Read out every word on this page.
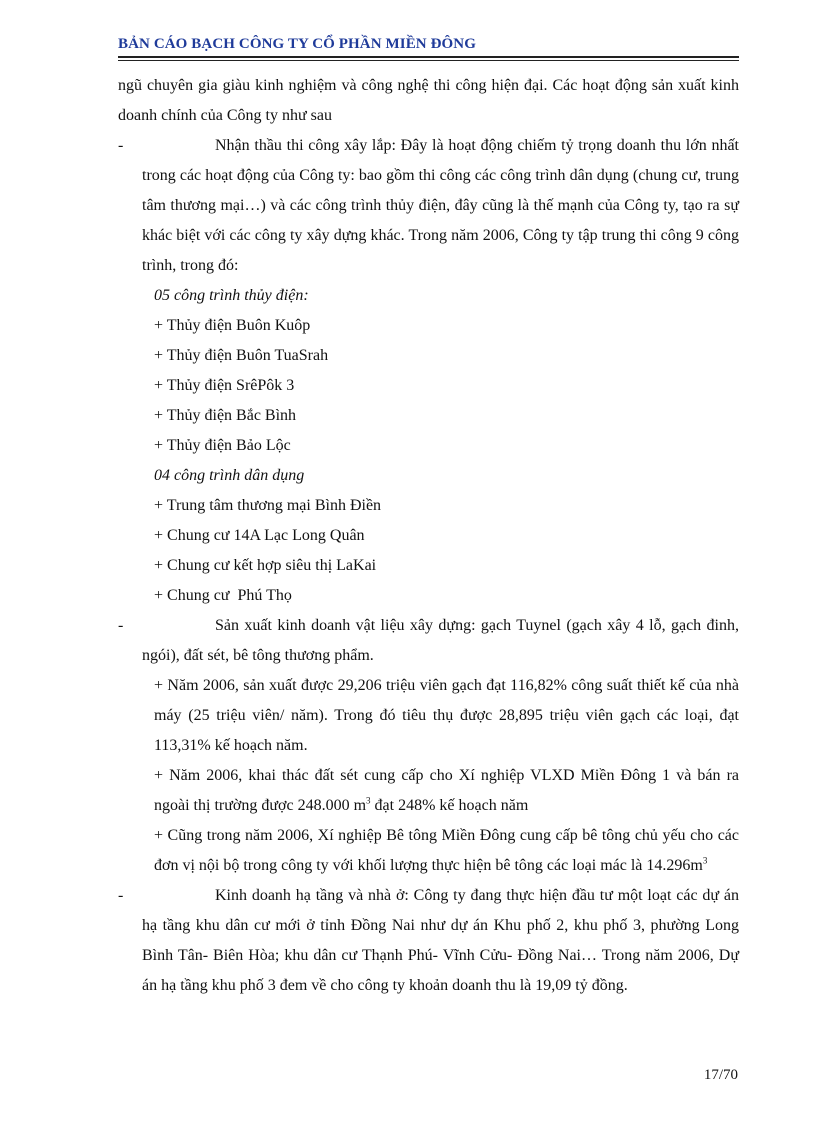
BẢN CÁO BẠCH CÔNG TY CỔ PHẦN MIỀN ĐÔNG

ngũ chuyên gia giàu kinh nghiệm và công nghệ thi công hiện đại. Các hoạt động sản xuất kinh doanh chính của Công ty như sau

-	Nhận thầu thi công xây lắp: Đây là hoạt động chiếm tỷ trọng doanh thu lớn nhất trong các hoạt động của Công ty: bao gồm thi công các công trình dân dụng (chung cư, trung tâm thương mại…) và các công trình thủy điện, đây cũng là thế mạnh của Công ty, tạo ra sự khác biệt với các công ty xây dựng khác. Trong năm 2006, Công ty tập trung thi công 9 công trình, trong đó:
05 công trình thủy điện:
+ Thủy điện Buôn Kuôp
+ Thủy điện Buôn TuaSrah
+ Thủy điện SrêPôk 3
+ Thủy điện Bắc Bình
+ Thủy điện Bảo Lộc
04 công trình dân dụng
+ Trung tâm thương mại Bình Điền
+ Chung cư 14A Lạc Long Quân
+ Chung cư kết hợp siêu thị LaKai
+ Chung cư  Phú Thọ
-	Sản xuất kinh doanh vật liệu xây dựng: gạch Tuynel (gạch xây 4 lỗ, gạch đinh, ngói), đất sét, bê tông thương phẩm.
+ Năm 2006, sản xuất được 29,206 triệu viên gạch đạt 116,82% công suất thiết kế của nhà máy (25 triệu viên/ năm). Trong đó tiêu thụ được 28,895 triệu viên gạch các loại, đạt 113,31% kế hoạch năm.
+ Năm 2006, khai thác đất sét cung cấp cho Xí nghiệp VLXD Miền Đông 1 và bán ra ngoài thị trường được 248.000 $m^3$ đạt 248% kế hoạch năm
+ Cũng trong năm 2006, Xí nghiệp Bê tông Miền Đông cung cấp bê tông chủ yếu cho các đơn vị nội bộ trong công ty với khối lượng thực hiện bê tông các loại mác là $14.296m^3$
-	Kinh doanh hạ tầng và nhà ở: Công ty đang thực hiện đầu tư một loạt các dự án hạ tầng khu dân cư mới ở tỉnh Đồng Nai như dự án Khu phố 2, khu phố 3, phường Long Bình Tân- Biên Hòa; khu dân cư Thạnh Phú- Vĩnh Cửu- Đồng Nai… Trong năm 2006, Dự án hạ tầng khu phố 3 đem về cho công ty khoản doanh thu là 19,09 tỷ đồng.
17/70
